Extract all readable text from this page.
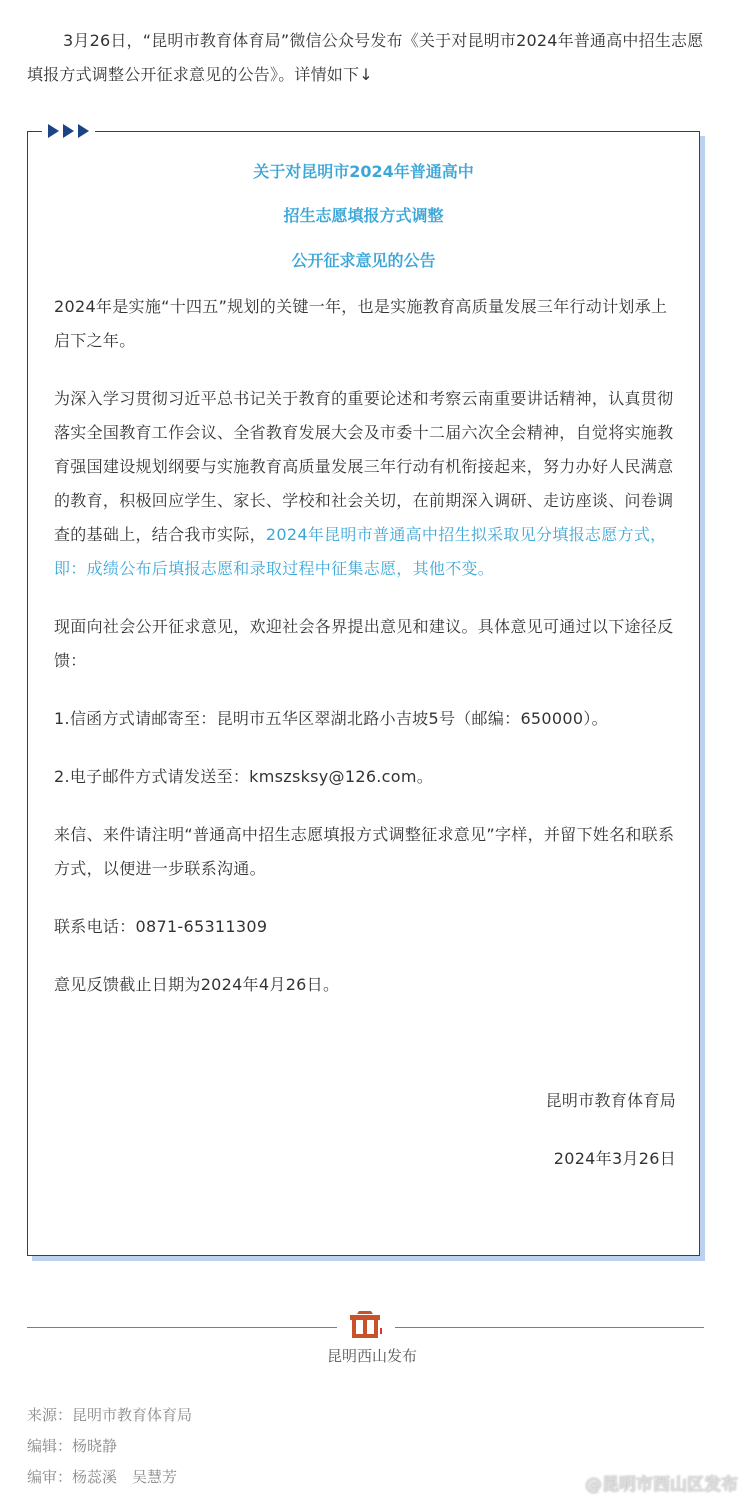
3月26日，“昆明市教育体育局”微信公众号发布《关于对昆明市2024年普通高中招生志愿填报方式调整公开征求意见的公告》。详情如下↓

关于对昆明市2024年普通高中
招生志愿填报方式调整
公开征求意见的公告

2024年是实施“十四五”规划的关键一年，也是实施教育高质量发展三年行动计划承上启下之年。

为深入学习贯彻习近平总书记关于教育的重要论述和考察云南重要讲话精神，认真贯彻落实全国教育工作会议、全省教育发展大会及市委十二届六次全会精神，自觉将实施教育强国建设规划纲要与实施教育高质量发展三年行动有机衔接起来，努力办好人民满意的教育，积极回应学生、家长、学校和社会关切，在前期深入调研、走访座谈、问卷调查的基础上，结合我市实际，2024年昆明市普通高中招生拟采取见分填报志愿方式，即：成绩公布后填报志愿和录取过程中征集志愿，其他不变。

现面向社会公开征求意见，欢迎社会各界提出意见和建议。具体意见可通过以下途径反馈：

1.信函方式请邮寄至：昆明市五华区翠湖北路小吉坡5号（邮编：650000）。

2.电子邮件方式请发送至：kmszsksy@126.com。

来信、来件请注明“普通高中招生志愿填报方式调整征求意见”字样，并留下姓名和联系方式，以便进一步联系沟通。

联系电话：0871-65311309

意见反馈截止日期为2024年4月26日。

昆明市教育体育局

2024年3月26日

昆明西山发布
来源：昆明市教育体育局
编辑：杨晓静
编审：杨蕊溪　吴慧芳	@昆明市西山区发布
